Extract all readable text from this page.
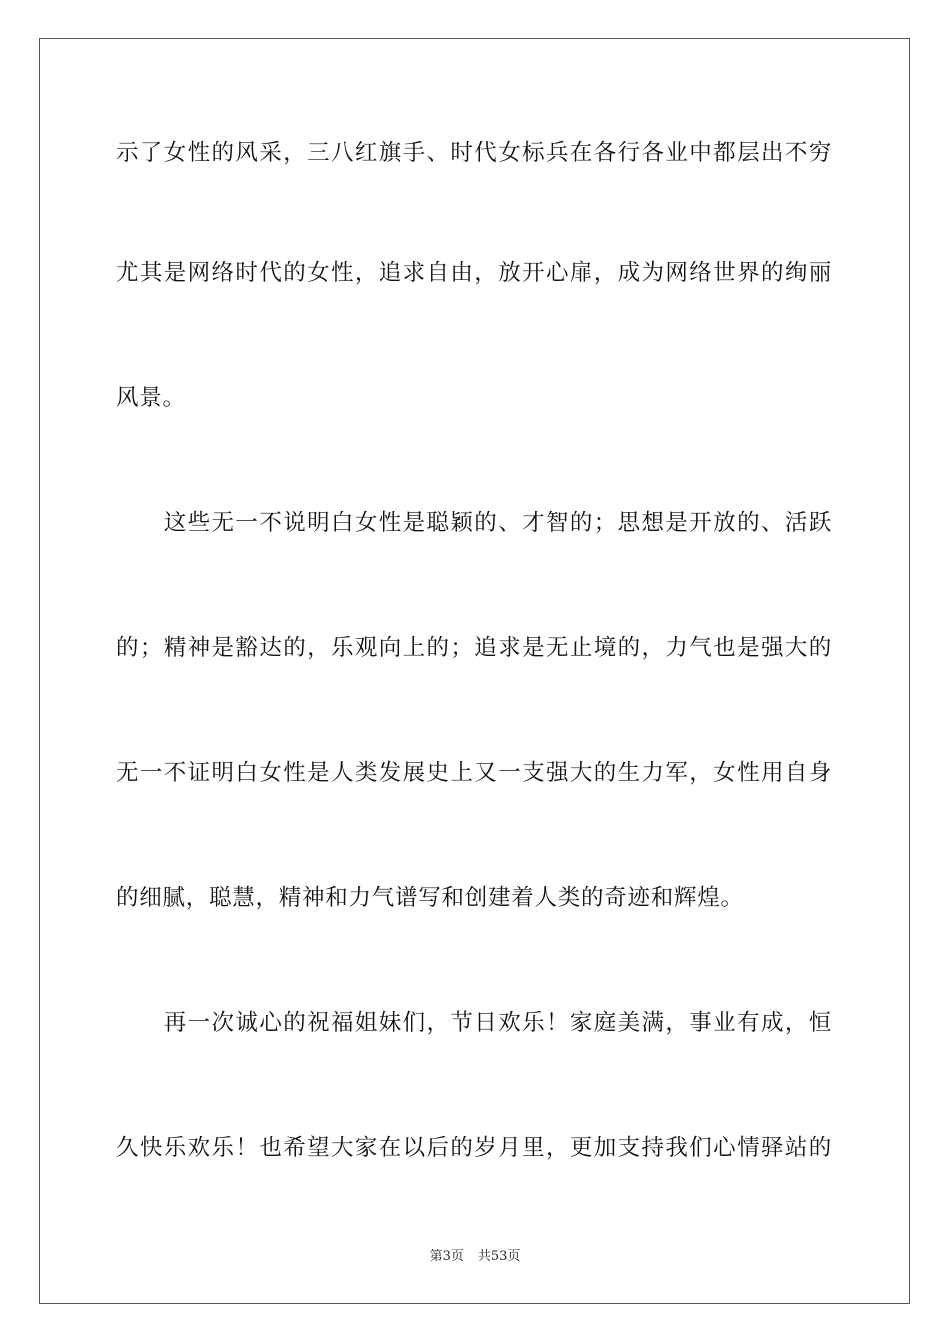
示了女性的风采，三八红旗手、时代女标兵在各行各业中都层出不穷
尤其是网络时代的女性，追求自由，放开心扉，成为网络世界的绚丽
风景。
　　这些无一不说明白女性是聪颖的、才智的；思想是开放的、活跃
的；精神是豁达的，乐观向上的；追求是无止境的，力气也是强大的
无一不证明白女性是人类发展史上又一支强大的生力军，女性用自身
的细腻，聪慧，精神和力气谱写和创建着人类的奇迹和辉煌。
　　再一次诚心的祝福姐妹们，节日欢乐！家庭美满，事业有成，恒
久快乐欢乐！也希望大家在以后的岁月里，更加支持我们心情驿站的
第3页 共53页
